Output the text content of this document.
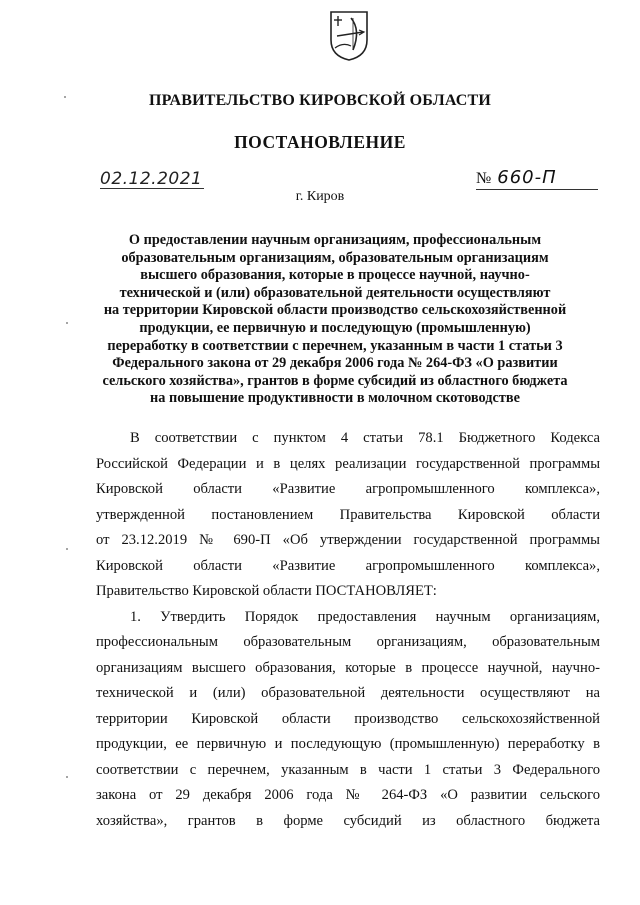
ПРАВИТЕЛЬСТВО КИРОВСКОЙ ОБЛАСТИ
ПОСТАНОВЛЕНИЕ
02.12.2021	№ 660-П
г. Киров
О предоставлении научным организациям, профессиональным
образовательным организациям, образовательным организациям
высшего образования, которые в процессе научной, научно-
технической и (или) образовательной деятельности осуществляют
на территории Кировской области производство сельскохозяйственной
продукции, ее первичную и последующую (промышленную)
переработку в соответствии с перечнем, указанным в части 1 статьи 3
Федерального закона от 29 декабря 2006 года № 264-ФЗ «О развитии
сельского хозяйства», грантов в форме субсидий из областного бюджета
на повышение продуктивности в молочном скотоводстве
В соответствии с пунктом 4 статьи 78.1 Бюджетного Кодекса
Российской Федерации и в целях реализации государственной программы
Кировской области «Развитие агропромышленного комплекса»,
утвержденной постановлением Правительства Кировской области
от 23.12.2019 № 690-П «Об утверждении государственной программы
Кировской области «Развитие агропромышленного комплекса»,
Правительство Кировской области ПОСТАНОВЛЯЕТ:
1. Утвердить Порядок предоставления научным организациям,
профессиональным образовательным организациям, образовательным
организациям высшего образования, которые в процессе научной, научно-
технической и (или) образовательной деятельности осуществляют на
территории Кировской области производство сельскохозяйственной
продукции, ее первичную и последующую (промышленную) переработку в
соответствии с перечнем, указанным в части 1 статьи 3 Федерального
закона от 29 декабря 2006 года № 264-ФЗ «О развитии сельского
хозяйства», грантов в форме субсидий из областного бюджета
